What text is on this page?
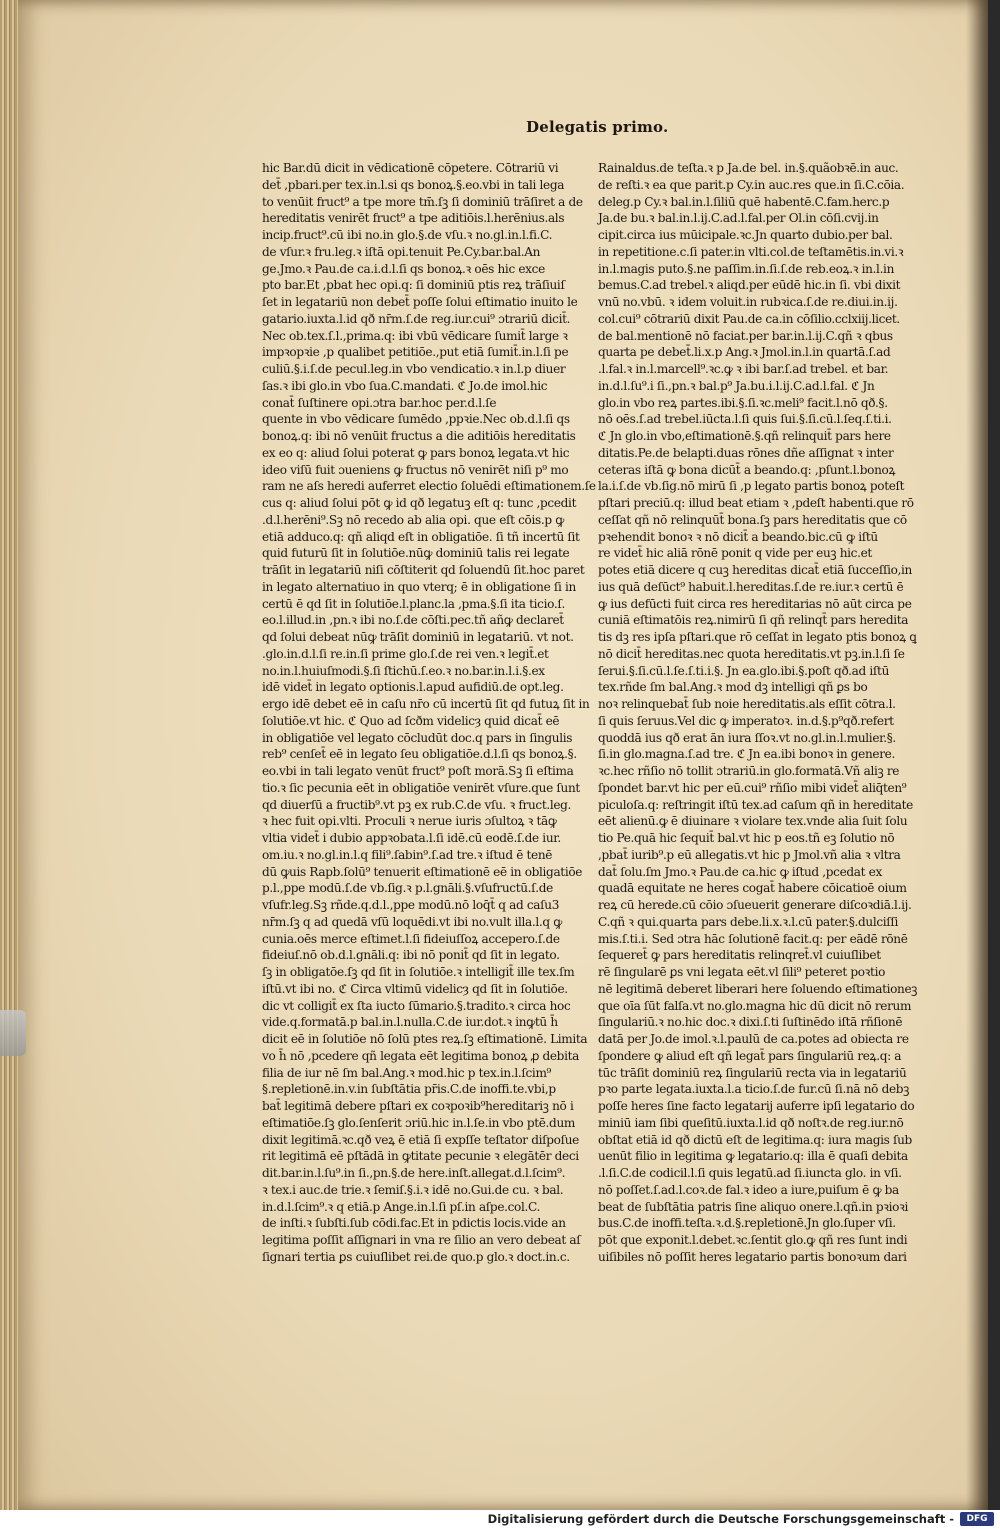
Delegatis primo.
hic Bar.dū dicit in vēdicationē cōpetere. Cōtrariū vi
det̄ ,pbari.per tex.in.l.si qs bonoꝝ.§.eo.vbi in tali lega
to venūit fruct⁹ a tpe more tm̄.ſꝫ ſi dominiū trāſiret a de
hereditatis venirēt fruct⁹ a tpe aditiōis.l.herēnius.als
incip.fruct⁹.cū ibi no.in glo.§.de vſu.ꝛ no.gl.in.l.fi.C.
de vſur.ꝛ fru.leg.ꝛ iſtā opi.tenuit Pe.Cy.bar.bal.An
ge.Jmo.ꝛ Pau.de ca.i.d.l.ſi qs bonoꝝ.ꝛ oēs hic exce
pto bar.Et ,pbat hec opi.q: ſi dominiū ptis reꝝ trāſiuiſ
ſet in legatariū non debet̄ poſſe ſolui eſtimatio inuito le
gatario.iuxta.l.id qð nr̄m.ſ.de reg.iur.cui⁹ ɔtrariū dicit̄.
Nec ob.tex.ſ.l.,prima.q: ibi vbū vēdicare ſumit̄ large ꝛ
impꝛopꝛie ,p qualibet petitiōe.,put etiā ſumit̄.in.l.ſi pe
culiū.§.i.ſ.de pecul.leg.in vbo vendicatio.ꝛ in.l.p diuer
ſas.ꝛ ibi glo.in vbo ſua.C.mandati. ℭ Jo.de imol.hic
conat̄ ſuſtinere opi.ɔtra bar.hoc per.d.l.ſe
quente in vbo vēdicare ſumēdo ,ppꝛie.Nec ob.d.l.ſi qs
bonoꝝ.q: ibi nō venūit fructus a die aditiōis hereditatis
ex eo q: aliud ſolui poterat ꝙ pars bonoꝝ legata.vt hic
ideo viſū fuit ɔueniens ꝙ fructus nō venirēt niſi p⁹ mo
ram ne aſs heredi auferret electio ſoluēdi eſtimationem.ſe
cus q: aliud ſolui pōt ꝙ id qð legatuꝫ eſt q: tunc ,pcedit
.d.l.herēni⁹.Sꝫ nō recedo ab alia opi. que eſt cōis.p ꝙ
etiā adduco.q: qñ aliqd eſt in obligatiōe. ſi tñ incertū ſit
quid futurū ſit in ſolutiōe.nūꝙ dominiū talis rei legate
trāſit in legatariū niſi cōſtiterit qd ſoluendū ſit.hoc paret
in legato alternatiuo in quo vterq; ē in obligatione ſi in
certū ē qd ſit in ſolutiōe.l.planc.la ,pma.§.ſi ita ticio.ſ.
eo.l.illud.in ,pn.ꝛ ibi no.ſ.de cōſti.pec.tñ añꝙ declaret̄
qd ſolui debeat nūꝙ trāſit dominiū in legatariū. vt not.
.glo.in.d.l.ſi re.in.ſi prime glo.ſ.de rei ven.ꝛ legit̄.et
no.in.l.huiuſmodi.§.ſi ſtichū.ſ.eo.ꝛ no.bar.in.l.i.§.ex
idē videt̄ in legato optionis.l.apud aufidiū.de opt.leg.
ergo idē debet eē in caſu nr̄o cū incertū ſit qd futuꝝ ſit in
ſolutiōe.vt hic. ℭ Quo ad ſcðm videlicȝ quid dicat̄ eē
in obligatiōe vel legato cōcludūt doc.q pars in ſingulis
reb⁹ cenſet̄ eē in legato ſeu obligatiōe.d.l.ſi qs bonoꝝ.§.
eo.vbi in tali legato venūt fruct⁹ poſt morā.Sꝫ ſi eſtima
tio.ꝛ ſic pecunia eēt in obligatiōe venirēt vſure.que ſunt
qd diuerſū a fructib⁹.vt pꝫ ex rub.C.de vſu. ꝛ fruct.leg.
ꝛ hec fuit opi.vlti. Proculi ꝛ nerue iuris ɔſultoꝝ ꝛ tāꝙ
vltia videt̄ i dubio appꝛobata.l.ſi idē.cū eodē.ſ.de iur.
om.iu.ꝛ no.gl.in.l.q fili⁹.ſabin⁹.ſ.ad tre.ꝛ iſtud ē tenē
dū ꝙuis Rapb.ſolū⁹ tenuerit eſtimationē eē in obligatiōe
p.l.,ppe modū.ſ.de vb.ſig.ꝛ p.l.gnāli.§.vſufructū.ſ.de
vſufr.leg.Sꝫ rñde.q.d.l.,ppe modū.nō loq̄t̄ q ad caſu3
nr̄m.ſꝫ q ad quedā vſū loquēdi.vt ibi no.vult illa.l.q ꝙ
cunia.oēs merce eſtimet.l.ſi fideiuſſoꝝ accepero.ſ.de
fideiuſ.nō ob.d.l.gnāli.q: ibi nō ponit̄ qd ſit in legato.
ſꝫ in obligatōe.ſꝫ qd ſit in ſolutiōe.ꝛ intelligit̄ ille tex.ſm
iſtū.vt ibi no. ℭ Circa vltimū videlicȝ qd ſit in ſolutiōe.
dic vt colligit̄ ex ſta iucto ſūmario.§.tradito.ꝛ circa hoc
vide.q.formatā.p bal.in.l.nulla.C.de iur.dot.ꝛ inꝙtū h̄
dicit eē in ſolutiōe nō ſolū ptes reꝝ.ſꝫ eſtimationē. Limita
vo h̄ nō ,pcedere qñ legata eēt legitima bonoꝝ ꝓ debita
filia de iur nē ſm bal.Ang.ꝛ mod.hic p tex.in.l.ſcim⁹
§.repletionē.in.v.in ſubſtātia pr̄is.C.de inoffi.te.vbi,p
bat̄ legitimā debere pſtari ex coꝛpoꝛib⁹hereditariꝫ nō i
eſtimatiōe.ſꝫ glo.ſenſerit ɔriū.hic in.l.ſe.in vbo ptē.dum
dixit legitimā.ꝛc.qð veꝝ ē etiā ſi expſſe teſtator diſpoſue
rit legitimā eē pſtādā in ꝙtitate pecunie ꝛ elegātēr deci
dit.bar.in.l.ſu⁹.in ſi.,pn.§.de here.inſt.allegat.d.l.ſcim⁹.
ꝛ tex.i auc.de trie.ꝛ ſemiſ.§.i.ꝛ idē no.Gui.de cu. ꝛ bal.
in.d.l.ſcim⁹.ꝛ q etiā.p Ange.in.l.ſi pſ.in aſpe.col.C.
de inſti.ꝛ ſubſti.ſub cōdi.fac.Et in pdictis locis.vide an
legitima poſſit aſſignari in vna re ſilio an vero debeat aſ
ſignari tertia ꝑs cuiuſlibet rei.de quo.p glo.ꝛ doct.in.c.
Rainaldus.de teſta.ꝛ p Ja.de bel. in.§.quãobꝛē.in auc.
de reſti.ꝛ ea que parit.p Cy.in auc.res que.in ſi.C.cōia.
deleg.p Cy.ꝛ bal.in.l.ſiliū quē habentē.C.fam.herc.p
Ja.de bu.ꝛ bal.in.l.ij.C.ad.l.fal.per Ol.in cōſi.cvij.in
cipit.circa ius mūicipale.ꝛc.Jn quarto dubio.per bal.
in repetitione.c.ſi pater.in vlti.col.de teſtamētis.in.vi.ꝛ
in.l.magis puto.§.ne paſſim.in.ſi.ſ.de reb.eoꝝ.ꝛ in.l.in
bemus.C.ad trebel.ꝛ aliqd.per eūdē hic.in ſi. vbi dixit
vnū no.vbū. ꝛ idem voluit.in rubꝛica.ſ.de re.diui.in.ij.
col.cui⁹ cōtrariū dixit Pau.de ca.in cōſilio.cclxiij.licet.
de bal.mentionē nō faciat.per bar.in.l.ij.C.qñ ꝛ qbus
quarta pe debet̄.li.x.p Ang.ꝛ Jmol.in.l.in quartā.ſ.ad
.l.fal.ꝛ in.l.marcell⁹.ꝛc.ꝙ ꝛ ibi bar.ſ.ad trebel. et bar.
in.d.l.ſu⁹.i ſi.,pn.ꝛ bal.p⁹ Ja.bu.i.l.ij.C.ad.l.fal. ℭ Jn
glo.in vbo reꝝ partes.ibi.§.ſi.ꝛc.meli⁹ facit.l.nō qð.§.
nō oēs.ſ.ad trebel.iūcta.l.ſi quis ſui.§.ſi.cū.l.ſeq.ſ.ti.i.
ℭ Jn glo.in vbo,eſtimationē.§.qñ relinquit̄ pars here
ditatis.Pe.de belapti.duas rōnes dñe aſſignat ꝛ inter
ceteras iſtā ꝙ bona dicūt̄ a beando.q: ,pſunt.l.bonoꝝ
la.i.ſ.de vb.ſig.nō mirū ſi ,p legato partis bonoꝝ poteſt
pſtari preciū.q: illud beat etiam ꝛ ,pdeſt habenti.que rō
ceſſat qñ nō relinquūt̄ bona.ſꝫ pars hereditatis que cō
pꝛehendit bonoꝛ ꝛ nō dicit̄ a beando.bic.cū ꝙ iſtū
re videt̄ hic aliā rōnē ponit q vide per euꝫ hic.et
potes etiā dicere q cuꝫ hereditas dicat̄ etiā ſucceſſio,in
ius quā deſūct⁹ habuit.l.hereditas.ſ.de re.iur.ꝛ certū ē
ꝙ ius defūcti fuit circa res hereditarias nō aūt circa pe
cuniā eſtimatōis reꝝ.nimirū ſi qñ relinqt̄ pars heredita
tis dꝫ res ipſa pſtari.que rō ceſſat in legato ptis bonoꝝ ꝗ
nō dicit̄ hereditas.nec quota hereditatis.vt pꝫ.in.l.ſi ſe
ſerui.§.ſi.cū.l.ſe.ſ.ti.i.§. Jn ea.glo.ibi.§.poſt qð.ad iſtū
tex.rñde ſm bal.Ang.ꝛ mod dꝫ intelligi qñ ꝑs bo
noꝛ relinquebat̄ ſub noie hereditatis.als eſſit cōtra.l.
ſi quis ſeruus.Vel dic ꝙ imperatoꝛ. in.d.§.p⁹qð.refert
quoddā ius qð erat ān iura ſſoꝛ.vt no.gl.in.l.mulier.§.
ſi.in glo.magna.ſ.ad tre. ℭ Jn ea.ibi bonoꝛ in genere.
ꝛc.hec rñſio nō tollit ɔtrariū.in glo.formatā.Vñ aliꝫ re
ſpondet bar.vt hic per eū.cui⁹ rñſio mibi videt̄ aliq̄ten⁹
piculoſa.q: reſtringit iſtū tex.ad caſum qñ in hereditate
eēt alienū.ꝙ ē diuinare ꝛ violare tex.vnde alia ſuit ſolu
tio Pe.quā hic ſequit̄ bal.vt hic p eos.tñ eꝫ ſolutio nō
,pbat̄ iurib⁹.p eū allegatis.vt hic p Jmol.vñ alia ꝛ vltra
dat̄ ſolu.ſm Jmo.ꝛ Pau.de ca.hic ꝙ iſtud ,pcedat ex
quadā equitate ne heres cogat̄ habere cōicatioē oium
reꝝ cū herede.cū cōio ɔſueuerit generare diſcoꝛdiā.l.ij.
C.qñ ꝛ qui.quarta pars debe.li.x.ꝛ.l.cū pater.§.dulciſſi
mis.ſ.ti.i. Sed ɔtra hāc ſolutionē facit.q: per eādē rōnē
ſequeret̄ ꝙ pars hereditatis relinqret̄.vl cuiuſlibet
rē ſingularē ꝑs vni legata eēt.vl ſili⁹ peteret poꝛtio
nē legitimā deberet liberari here ſoluendo eſtimationeꝫ
que oīa ſūt falſa.vt no.glo.magna hic dū dicit nō rerum
ſingulariū.ꝛ no.hic doc.ꝛ dixi.ſ.ti ſuſtinēdo iſtā rñſionē
datā per Jo.de imol.ꝛ.l.paulū de ca.potes ad obiecta re
ſpondere ꝙ aliud eſt qñ legat̄ pars ſingulariū reꝝ.q: a
tūc trāſit dominiū reꝝ ſingulariū recta via in legatariū
pꝛo parte legata.iuxta.l.a ticio.ſ.de fur.cū ſi.nā nō debꝫ
poſſe heres ſine facto legatarij auferre ipſi legatario do
miniū iam ſibi queſitū.iuxta.l.id qð noſtꝛ.de reg.iur.nō
obſtat etiā id qð dictū eſt de legitima.q: iura magis ſub
uenūt filio in legitima ꝙ legatario.q: illa ē quaſi debita
.l.ſi.C.de codicil.l.ſi quis legatū.ad ſi.iuncta glo. in vſi.
nō poſſet.ſ.ad.l.coꝛ.de fal.ꝛ ideo a iure,puiſum ē ꝙ ba
beat de ſubſtātia patris ſine aliquo onere.l.qñ.in pꝛioꝛi
bus.C.de inoffi.teſta.ꝛ.d.§.repletionē.Jn glo.ſuper vſi.
pōt que exponit.l.debet.ꝛc.ſentit glo.ꝙ qñ res ſunt indi
uiſibiles nō poſſit heres legatario partis bonoꝛum dari
Digitalisierung gefördert durch die Deutsche Forschungsgemeinschaft -	DFG
